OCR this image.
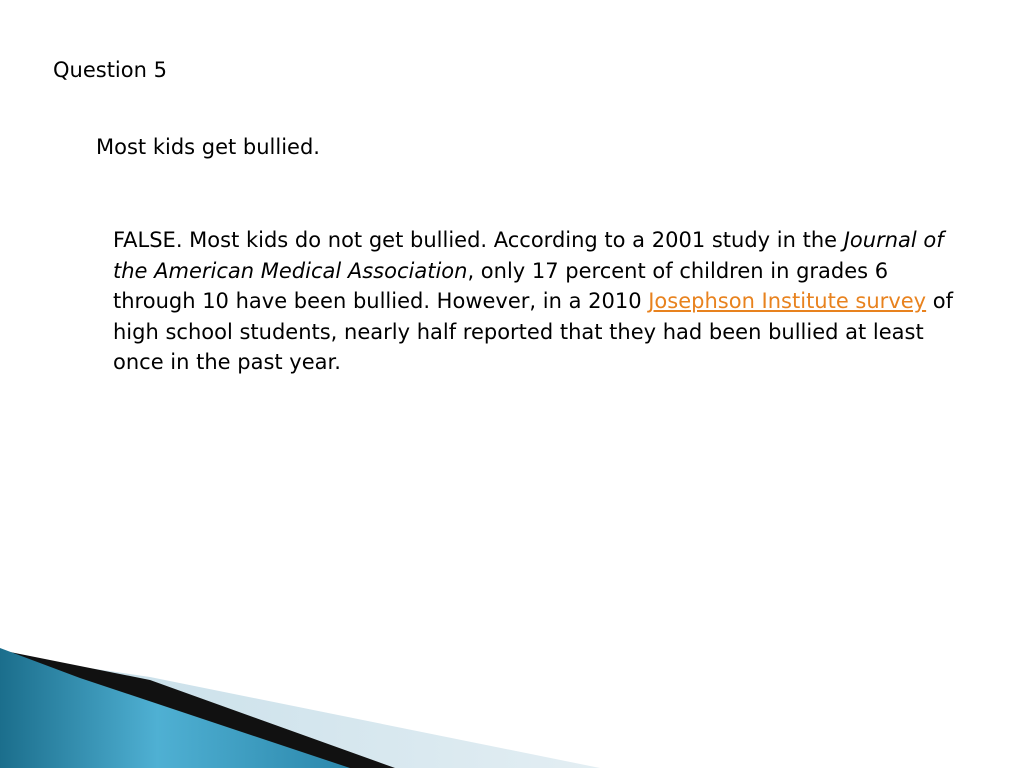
Question 5

Most kids get bullied.

FALSE. Most kids do not get bullied. According to a 2001 study in the Journal of the American Medical Association, only 17 percent of children in grades 6 through 10 have been bullied. However, in a 2010 Josephson Institute survey of high school students, nearly half reported that they had been bullied at least once in the past year.
